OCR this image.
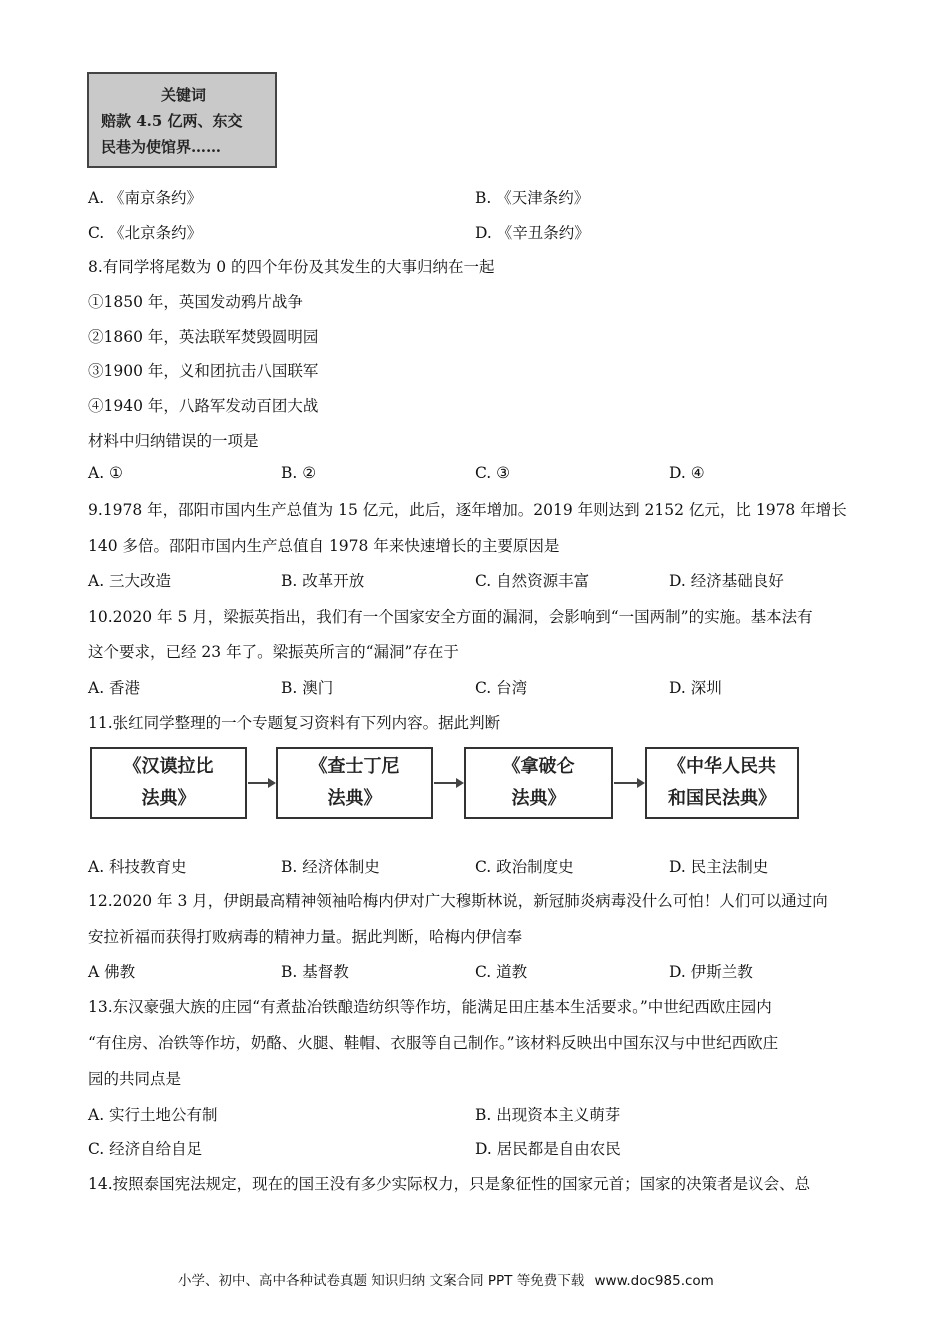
关键词
赔款 4.5 亿两、东交
民巷为使馆界……
A. 《南京条约》	B. 《天津条约》
C. 《北京条约》	D. 《辛丑条约》
8.有同学将尾数为 0 的四个年份及其发生的大事归纳在一起
①1850 年，英国发动鸦片战争
②1860 年，英法联军焚毁圆明园
③1900 年，义和团抗击八国联军
④1940 年，八路军发动百团大战
材料中归纳错误的一项是
A. ①	B. ②	C. ③	D. ④
9.1978 年，邵阳市国内生产总值为 15 亿元，此后，逐年增加。2019 年则达到 2152 亿元，比 1978 年增长
140 多倍。邵阳市国内生产总值自 1978 年来快速增长的主要原因是
A. 三大改造	B. 改革开放	C. 自然资源丰富	D. 经济基础良好
10.2020 年 5 月，梁振英指出，我们有一个国家安全方面的漏洞，会影响到“一国两制”的实施。基本法有
这个要求，已经 23 年了。梁振英所言的“漏洞”存在于
A. 香港	B. 澳门	C. 台湾	D. 深圳
11.张红同学整理的一个专题复习资料有下列内容。据此判断
《汉谟拉比
法典》
《查士丁尼
法典》
《拿破仑
法典》
《中华人民共
和国民法典》
A. 科技教育史	B. 经济体制史	C. 政治制度史	D. 民主法制史
12.2020 年 3 月，伊朗最高精神领袖哈梅内伊对广大穆斯林说，新冠肺炎病毒没什么可怕！人们可以通过向
安拉祈福而获得打败病毒的精神力量。据此判断，哈梅内伊信奉
A 佛教	B. 基督教	C. 道教	D. 伊斯兰教
13.东汉豪强大族的庄园“有煮盐冶铁酿造纺织等作坊，能满足田庄基本生活要求。”中世纪西欧庄园内
“有住房、冶铁等作坊，奶酪、火腿、鞋帽、衣服等自己制作。”该材料反映出中国东汉与中世纪西欧庄
园的共同点是
A. 实行土地公有制	B. 出现资本主义萌芽
C. 经济自给自足	D. 居民都是自由农民
14.按照泰国宪法规定，现在的国王没有多少实际权力，只是象征性的国家元首；国家的决策者是议会、总
小学、初中、高中各种试卷真题 知识归纳 文案合同 PPT 等免费下载 www.doc985.com
